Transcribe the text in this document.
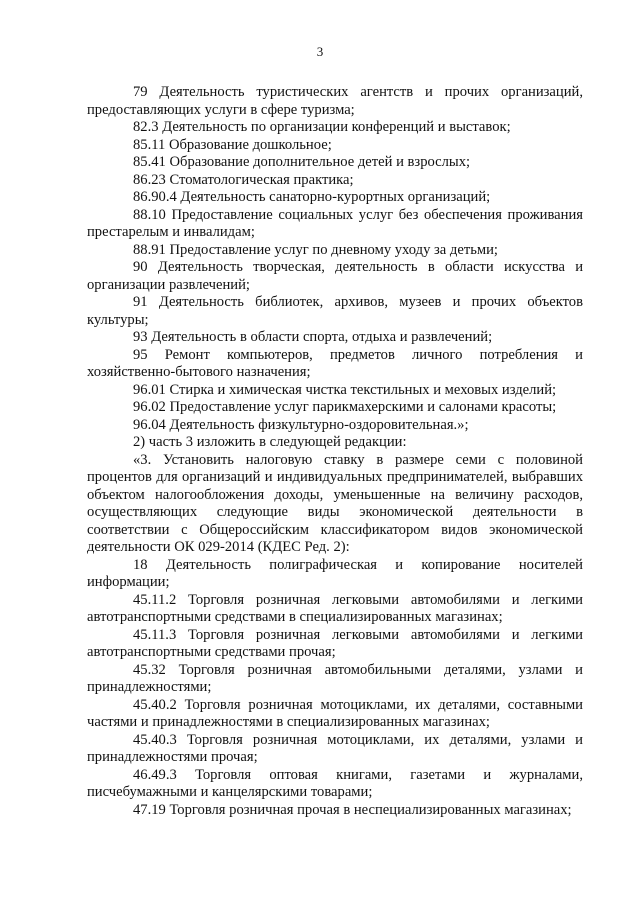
3

79 Деятельность туристических агентств и прочих организаций, предоставляющих услуги в сфере туризма;

82.3 Деятельность по организации конференций и выставок;

85.11 Образование дошкольное;

85.41 Образование дополнительное детей и взрослых;

86.23 Стоматологическая практика;

86.90.4 Деятельность санаторно-курортных организаций;

88.10 Предоставление социальных услуг без обеспечения проживания престарелым и инвалидам;

88.91 Предоставление услуг по дневному уходу за детьми;

90 Деятельность творческая, деятельность в области искусства и организации развлечений;

91 Деятельность библиотек, архивов, музеев и прочих объектов культуры;

93 Деятельность в области спорта, отдыха и развлечений;

95 Ремонт компьютеров, предметов личного потребления и хозяйственно-бытового назначения;

96.01 Стирка и химическая чистка текстильных и меховых изделий;

96.02 Предоставление услуг парикмахерскими и салонами красоты;

96.04 Деятельность физкультурно-оздоровительная.»;

2) часть 3 изложить в следующей редакции:

«3. Установить налоговую ставку в размере семи с половиной процентов для организаций и индивидуальных предпринимателей, выбравших объектом налогообложения доходы, уменьшенные на величину расходов, осуществляющих следующие виды экономической деятельности в соответствии с Общероссийским классификатором видов экономической деятельности ОК 029-2014 (КДЕС Ред. 2):

18 Деятельность полиграфическая и копирование носителей информации;

45.11.2 Торговля розничная легковыми автомобилями и легкими автотранспортными средствами в специализированных магазинах;

45.11.3 Торговля розничная легковыми автомобилями и легкими автотранспортными средствами прочая;

45.32 Торговля розничная автомобильными деталями, узлами и принадлежностями;

45.40.2 Торговля розничная мотоциклами, их деталями, составными частями и принадлежностями в специализированных магазинах;

45.40.3 Торговля розничная мотоциклами, их деталями, узлами и принадлежностями прочая;

46.49.3 Торговля оптовая книгами, газетами и журналами, писчебумажными и канцелярскими товарами;

47.19 Торговля розничная прочая в неспециализированных магазинах;
